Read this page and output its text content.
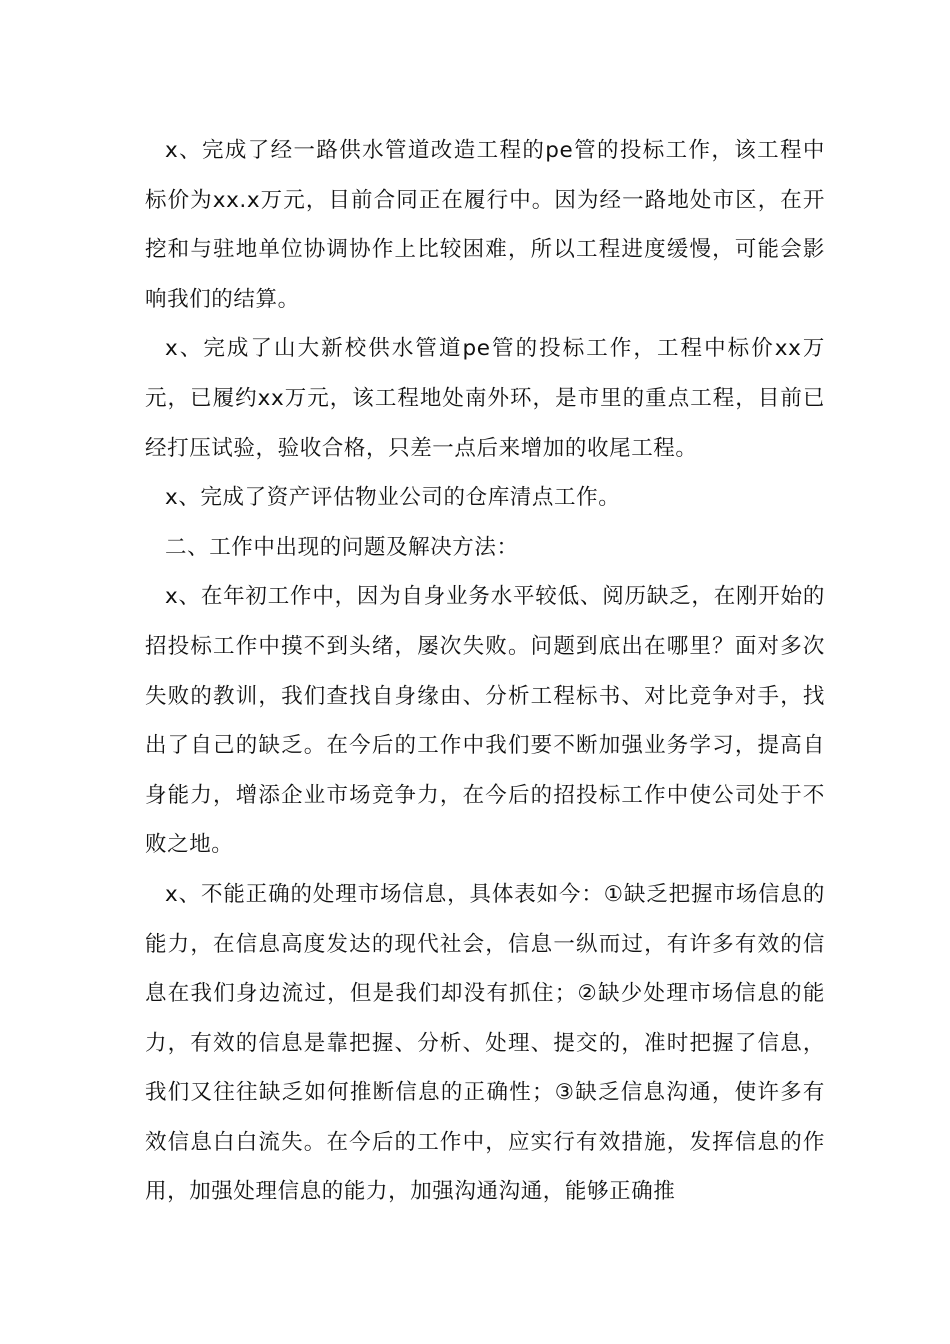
x、完成了经一路供水管道改造工程的pe管的投标工作，该工程中标价为xx.x万元，目前合同正在履行中。因为经一路地处市区，在开挖和与驻地单位协调协作上比较困难，所以工程进度缓慢，可能会影响我们的结算。

x、完成了山大新校供水管道pe管的投标工作，工程中标价xx万元，已履约xx万元，该工程地处南外环，是市里的重点工程，目前已经打压试验，验收合格，只差一点后来增加的收尾工程。

x、完成了资产评估物业公司的仓库清点工作。

二、工作中出现的问题及解决方法：

x、在年初工作中，因为自身业务水平较低、阅历缺乏，在刚开始的招投标工作中摸不到头绪，屡次失败。问题到底出在哪里？面对多次失败的教训，我们查找自身缘由、分析工程标书、对比竞争对手，找出了自己的缺乏。在今后的工作中我们要不断加强业务学习，提高自身能力，增添企业市场竞争力，在今后的招投标工作中使公司处于不败之地。

x、不能正确的处理市场信息，具体表如今：①缺乏把握市场信息的能力，在信息高度发达的现代社会，信息一纵而过，有许多有效的信息在我们身边流过，但是我们却没有抓住；②缺少处理市场信息的能力，有效的信息是靠把握、分析、处理、提交的，准时把握了信息，我们又往往缺乏如何推断信息的正确性；③缺乏信息沟通，使许多有效信息白白流失。在今后的工作中，应实行有效措施，发挥信息的作用，加强处理信息的能力，加强沟通沟通，能够正确推
